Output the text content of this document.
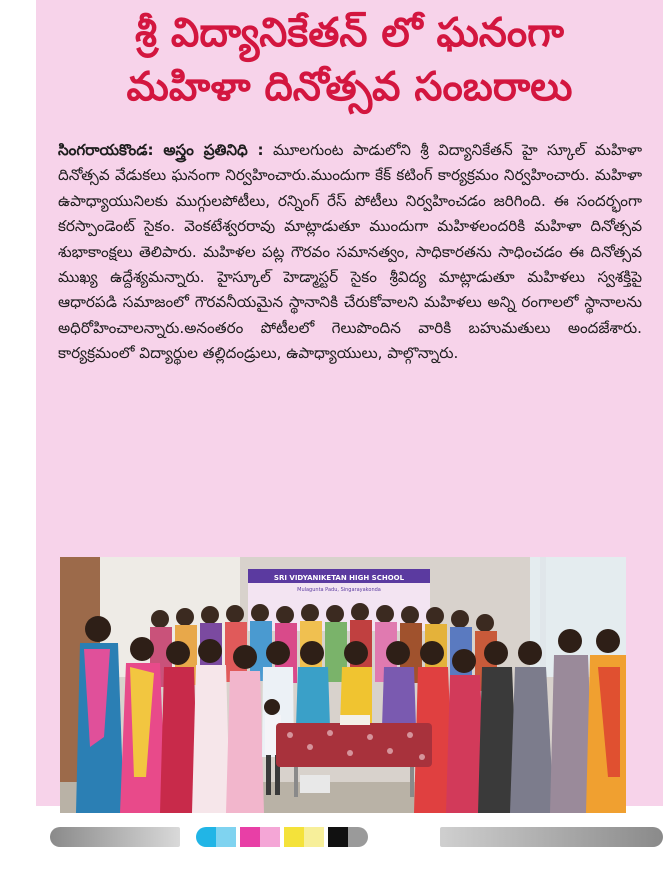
శ్రీ విద్యానికేతన్ లో ఘనంగా
మహిళా దినోత్సవ సంబరాలు

సింగరాయకొండ: అస్త్రం ప్రతినిధి : మూలగుంట పాడులోని శ్రీ విద్యానికేతన్ హై స్కూల్ మహిళా దినోత్సవ వేడుకలు ఘనంగా నిర్వహించారు.ముందుగా కేక్ కటింగ్ కార్యక్రమం నిర్వహించారు. మహిళా ఉపాధ్యాయునిలకు ముగ్గులపోటీలు, రన్నింగ్ రేస్ పోటీలు నిర్వహించడం జరిగింది. ఈ సందర్భంగా కరస్పాండెంట్ సైకం. వెంకటేశ్వరరావు మాట్లాడుతూ ముందుగా మహిళలందరికి మహిళా దినోత్సవ శుభాకాంక్షలు తెలిపారు. మహిళల పట్ల గౌరవం సమానత్వం, సాధికారతను సాధించడం ఈ దినోత్సవ ముఖ్య ఉద్దేశ్యమన్నారు. హైస్కూల్ హెడ్మాస్టర్ సైకం శ్రీవిద్య మాట్లాడుతూ మహిళలు స్వశక్తిపై ఆధారపడి సమాజంలో గౌరవనీయమైన స్థానానికి చేరుకోవాలని మహిళలు అన్ని రంగాలలో స్థానాలను అధిరోహించాలన్నారు.అనంతరం పోటీలలో గెలుపొందిన వారికి బహుమతులు అందజేశారు. కార్యక్రమంలో విద్యార్థుల తల్లిదండ్రులు, ఉపాధ్యాయులు, పాల్గొన్నారు.

SRI VIDYANIKETAN HIGH SCHOOL
Mulagunta Padu, Singarayakonda
